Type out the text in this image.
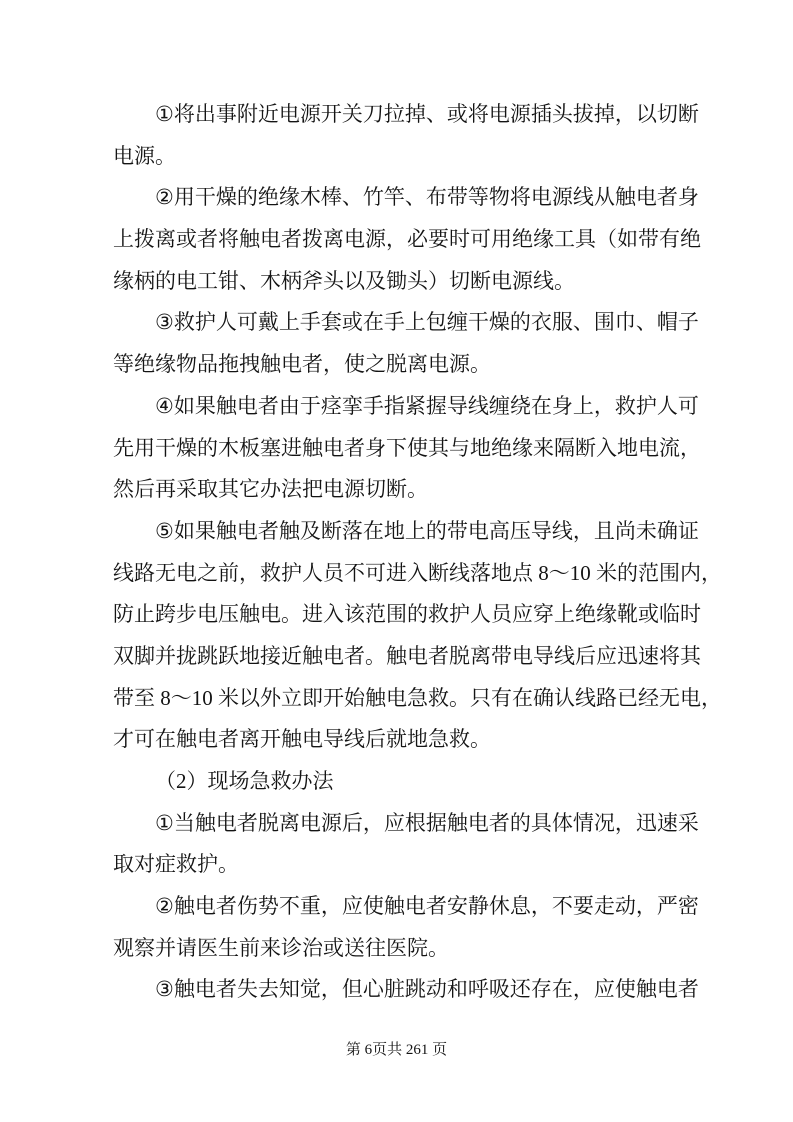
①将出事附近电源开关刀拉掉、或将电源插头拔掉，以切断
电源。

②用干燥的绝缘木棒、竹竿、布带等物将电源线从触电者身
上拨离或者将触电者拨离电源，必要时可用绝缘工具（如带有绝
缘柄的电工钳、木柄斧头以及锄头）切断电源线。

③救护人可戴上手套或在手上包缠干燥的衣服、围巾、帽子
等绝缘物品拖拽触电者，使之脱离电源。

④如果触电者由于痉挛手指紧握导线缠绕在身上，救护人可
先用干燥的木板塞进触电者身下使其与地绝缘来隔断入地电流，
然后再采取其它办法把电源切断。

⑤如果触电者触及断落在地上的带电高压导线，且尚未确证
线路无电之前，救护人员不可进入断线落地点 8～10 米的范围内，
防止跨步电压触电。进入该范围的救护人员应穿上绝缘靴或临时
双脚并拢跳跃地接近触电者。触电者脱离带电导线后应迅速将其
带至 8～10 米以外立即开始触电急救。只有在确认线路已经无电，
才可在触电者离开触电导线后就地急救。

（2）现场急救办法

①当触电者脱离电源后，应根据触电者的具体情况，迅速采
取对症救护。

②触电者伤势不重，应使触电者安静休息，不要走动，严密
观察并请医生前来诊治或送往医院。

③触电者失去知觉，但心脏跳动和呼吸还存在，应使触电者

第 6页共 261 页
